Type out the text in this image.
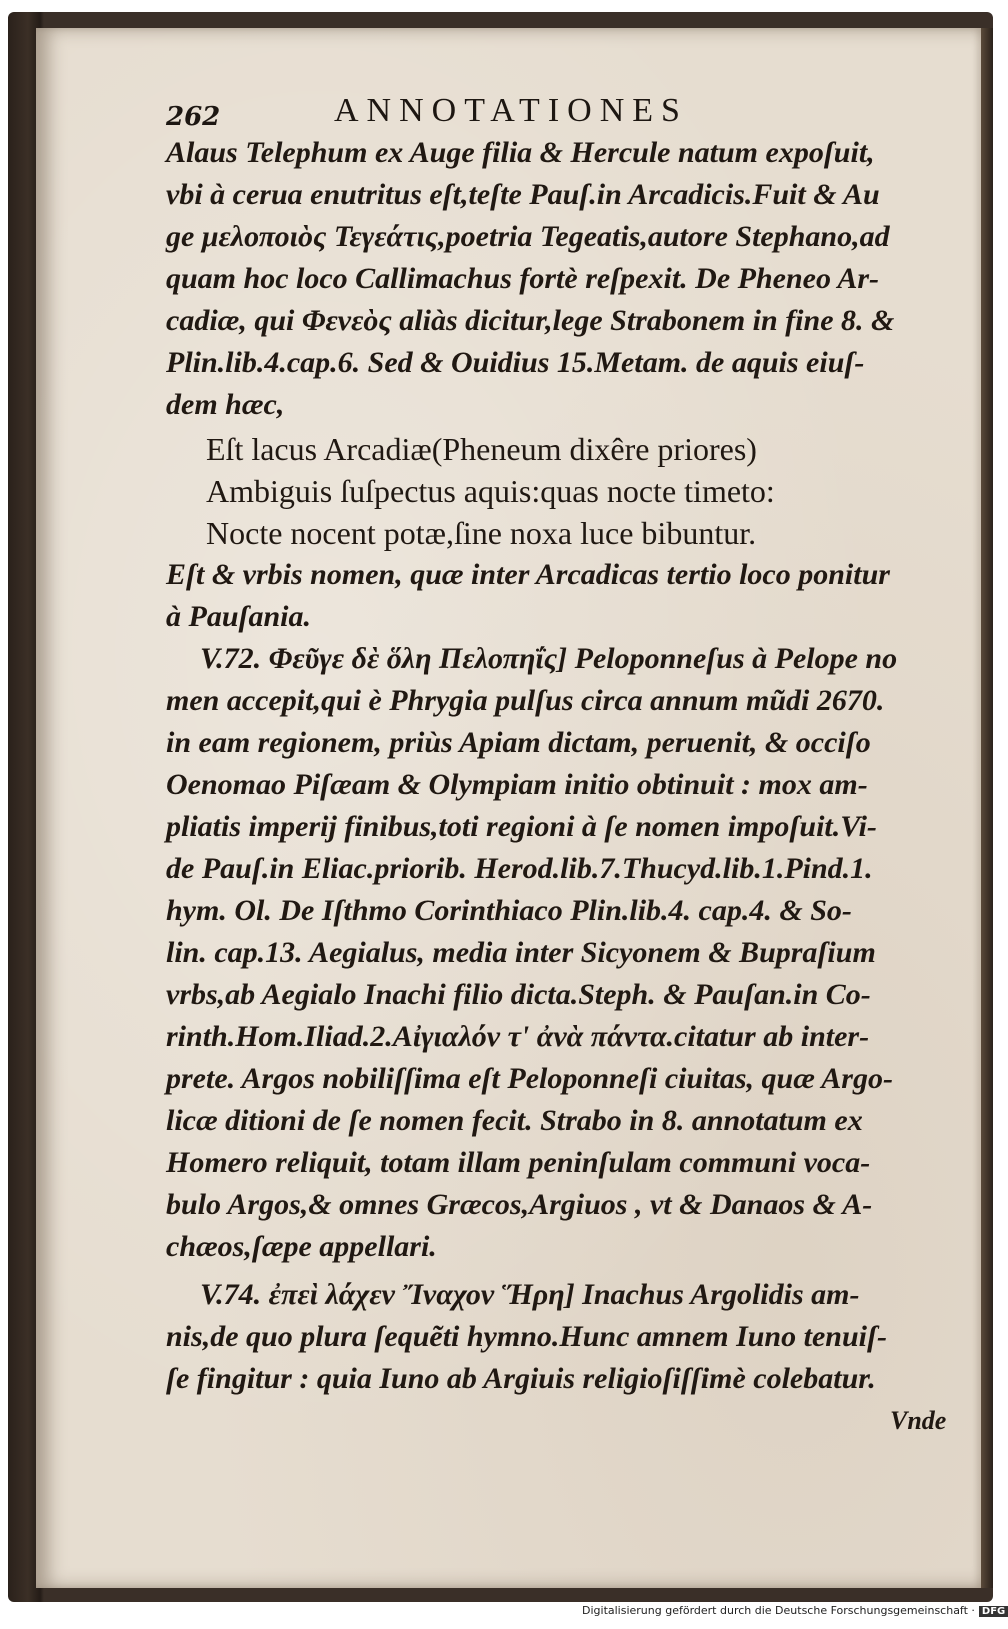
262	ANNOTATIONES
Alaus Telephum ex Auge filia & Hercule natum expoſuit,
vbi à cerua enutritus eſt,teſte Pauſ.in Arcadicis.Fuit & Au
ge μελοποιὸς Τεγεάτις,poetria Tegeatis,autore Stephano,ad
quam hoc loco Callimachus fortè reſpexit. De Pheneo Ar-
cadiæ, qui Φενεὸς aliàs dicitur,lege Strabonem in fine 8. &
Plin.lib.4.cap.6. Sed & Ouidius 15.Metam. de aquis eiuſ-
dem hæc,
Eſt lacus Arcadiæ(Pheneum dixêre priores)
Ambiguis ſuſpectus aquis:quas nocte timeto:
Nocte nocent potæ,ſine noxa luce bibuntur.
Eſt & vrbis nomen, quæ inter Arcadicas tertio loco ponitur
à Pauſania.
V.72. Φεῦγε δὲ ὅλη Πελοπηΐς] Peloponneſus à Pelope no
men accepit,qui è Phrygia pulſus circa annum mũdi 2670.
in eam regionem, priùs Apiam dictam, peruenit, & occiſo
Oenomao Piſæam & Olympiam initio obtinuit : mox am-
pliatis imperij finibus,toti regioni à ſe nomen impoſuit.Vi-
de Pauſ.in Eliac.priorib. Herod.lib.7.Thucyd.lib.1.Pind.1.
hym. Ol. De Iſthmo Corinthiaco Plin.lib.4. cap.4. & So-
lin. cap.13. Aegialus, media inter Sicyonem & Bupraſium
vrbs,ab Aegialo Inachi filio dicta.Steph. & Pauſan.in Co-
rinth.Hom.Iliad.2.Αἰγιαλόν τ' ἀνὰ πάντα.citatur ab inter-
prete. Argos nobiliſſima eſt Peloponneſi ciuitas, quæ Argo-
licæ ditioni de ſe nomen fecit. Strabo in 8. annotatum ex
Homero reliquit, totam illam peninſulam communi voca-
bulo Argos,& omnes Græcos,Argiuos , vt & Danaos & A-
chæos,ſæpe appellari.
V.74. ἐπεὶ λάχεν Ἴναχον Ἥρη] Inachus Argolidis am-
nis,de quo plura ſequẽti hymno.Hunc amnem Iuno tenuiſ-
ſe fingitur : quia Iuno ab Argiuis religioſiſſimè colebatur.
Vnde
Digitalisierung gefördert durch die Deutsche Forschungsgemeinschaft · DFG
